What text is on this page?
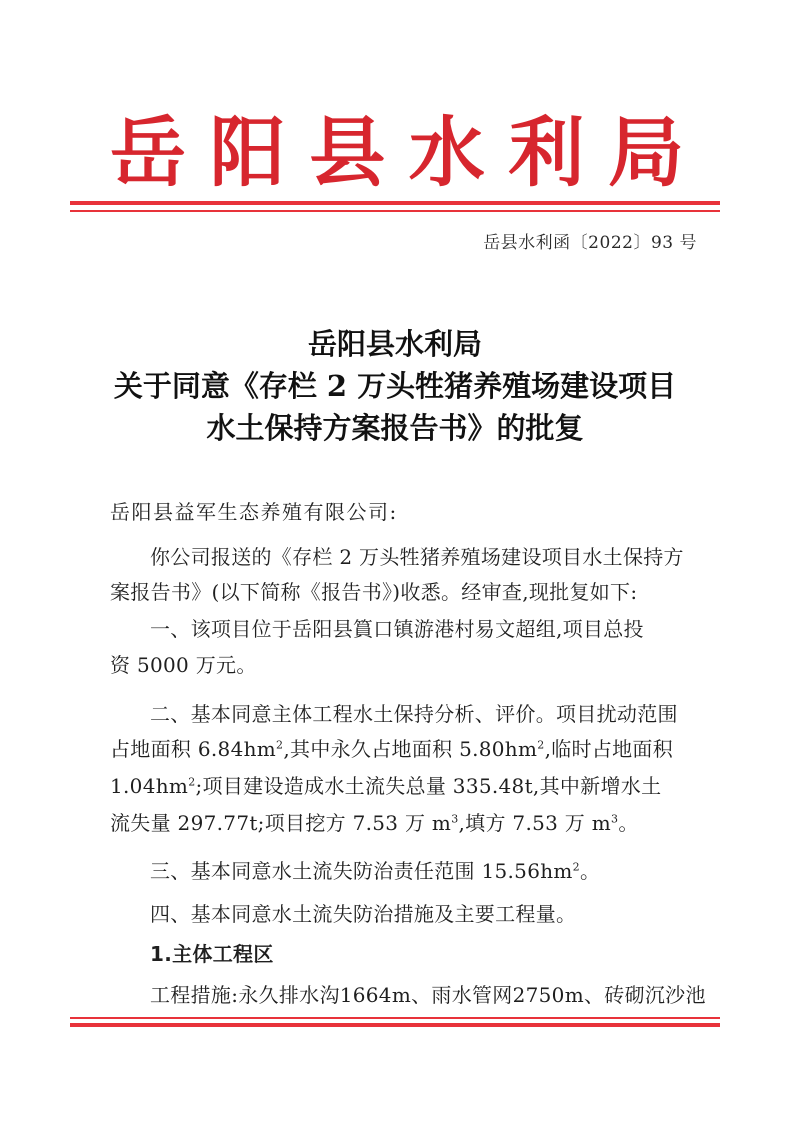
岳 阳 县 水 利 局
岳县水利函〔2022〕93 号
岳阳县水利局
关于同意《存栏 2 万头牲猪养殖场建设项目
水土保持方案报告书》的批复
岳阳县益军生态养殖有限公司:
你公司报送的《存栏 2 万头牲猪养殖场建设项目水土保持方
案报告书》(以下简称《报告书》)收悉。经审查,现批复如下:
一、该项目位于岳阳县篔口镇游港村易文超组,项目总投
资 5000 万元。
二、基本同意主体工程水土保持分析、评价。项目扰动范围
占地面积 $6.84hm^2$,其中永久占地面积 $5.80hm^2$,临时占地面积
$1.04hm^2$;项目建设造成水土流失总量 335.48t,其中新增水土
流失量 297.77t;项目挖方 7.53 万 $m^3$,填方 7.53 万 $m^3$。
三、基本同意水土流失防治责任范围 $15.56hm^2$。
四、基本同意水土流失防治措施及主要工程量。
1.主体工程区
工程措施:永久排水沟1664m、雨水管网2750m、砖砌沉沙池
